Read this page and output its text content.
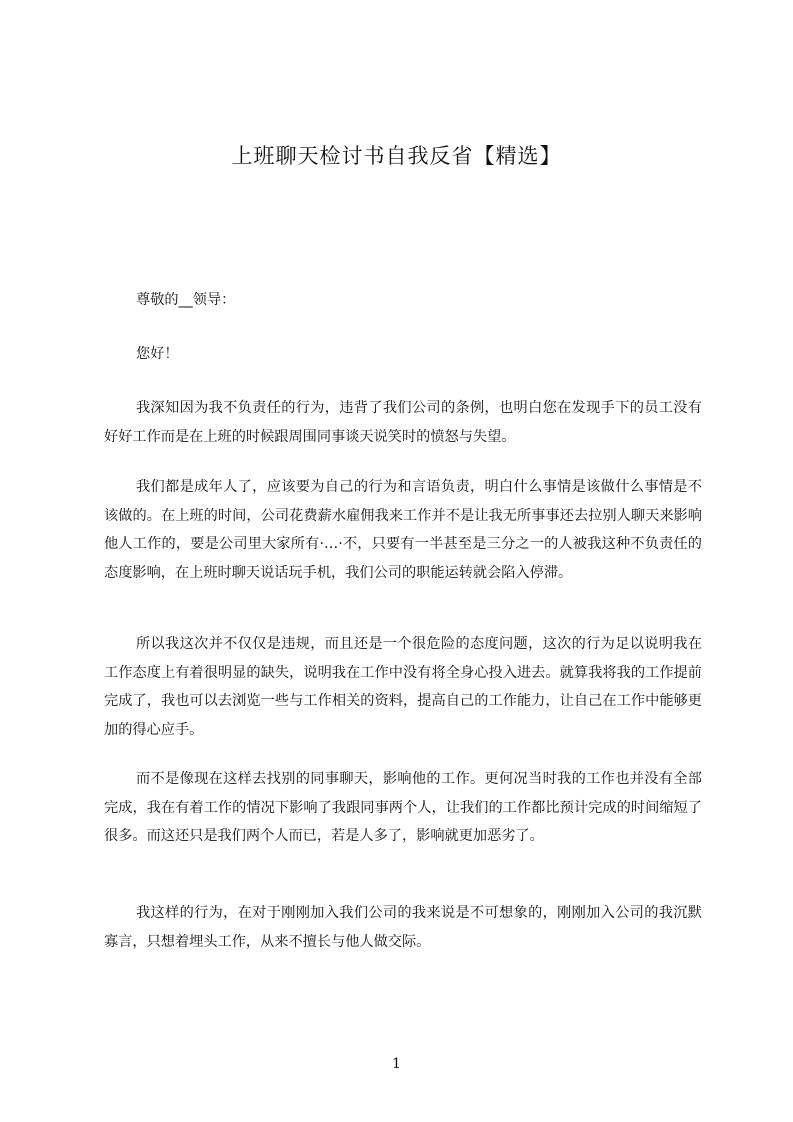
上班聊天检讨书自我反省【精选】

尊敬的__领导：

您好！

我深知因为我不负责任的行为，违背了我们公司的条例，也明白您在发现手下的员工没有好好工作而是在上班的时候跟周围同事谈天说笑时的愤怒与失望。

我们都是成年人了，应该要为自己的行为和言语负责，明白什么事情是该做什么事情是不该做的。在上班的时间，公司花费薪水雇佣我来工作并不是让我无所事事还去拉别人聊天来影响他人工作的，要是公司里大家所有·…·不，只要有一半甚至是三分之一的人被我这种不负责任的态度影响，在上班时聊天说话玩手机，我们公司的职能运转就会陷入停滞。

所以我这次并不仅仅是违规，而且还是一个很危险的态度问题，这次的行为足以说明我在工作态度上有着很明显的缺失，说明我在工作中没有将全身心投入进去。就算我将我的工作提前完成了，我也可以去浏览一些与工作相关的资料，提高自己的工作能力，让自己在工作中能够更加的得心应手。

而不是像现在这样去找别的同事聊天，影响他的工作。更何况当时我的工作也并没有全部完成，我在有着工作的情况下影响了我跟同事两个人，让我们的工作都比预计完成的时间缩短了很多。而这还只是我们两个人而已，若是人多了，影响就更加恶劣了。

我这样的行为，在对于刚刚加入我们公司的我来说是不可想象的，刚刚加入公司的我沉默寡言，只想着埋头工作，从来不擅长与他人做交际。

1
